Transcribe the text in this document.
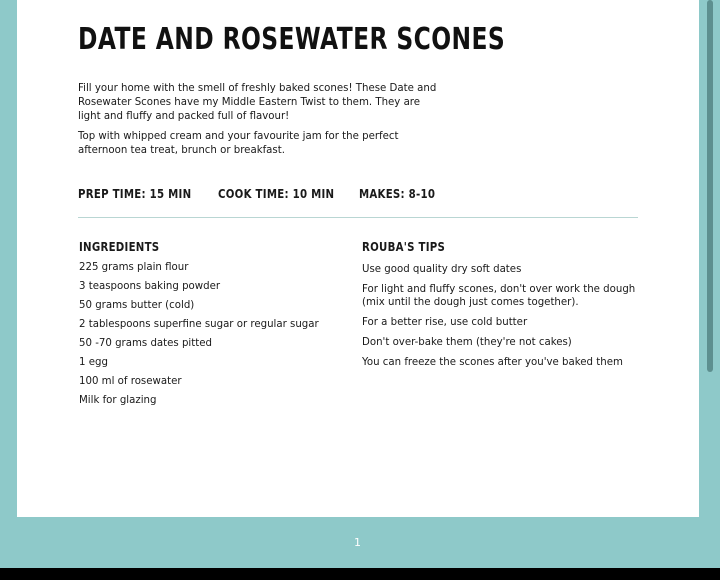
DATE AND ROSEWATER SCONES

Fill your home with the smell of freshly baked scones! These Date and Rosewater Scones have my Middle Eastern Twist to them. They are light and fluffy and packed full of flavour!

Top with whipped cream and your favourite jam for the perfect afternoon tea treat, brunch or breakfast.

PREP TIME: 15 MIN COOK TIME: 10 MIN MAKES: 8-10
INGREDIENTS
225 grams plain flour
3 teaspoons baking powder
50 grams butter (cold)
2 tablespoons superfine sugar or regular sugar
50 -70 grams dates pitted
1 egg
100 ml of rosewater
Milk for glazing
ROUBA'S TIPS
Use good quality dry soft dates
For light and fluffy scones, don't over work the dough (mix until the dough just comes together).
For a better rise, use cold butter
Don't over-bake them (they're not cakes)
You can freeze the scones after you've baked them
1
